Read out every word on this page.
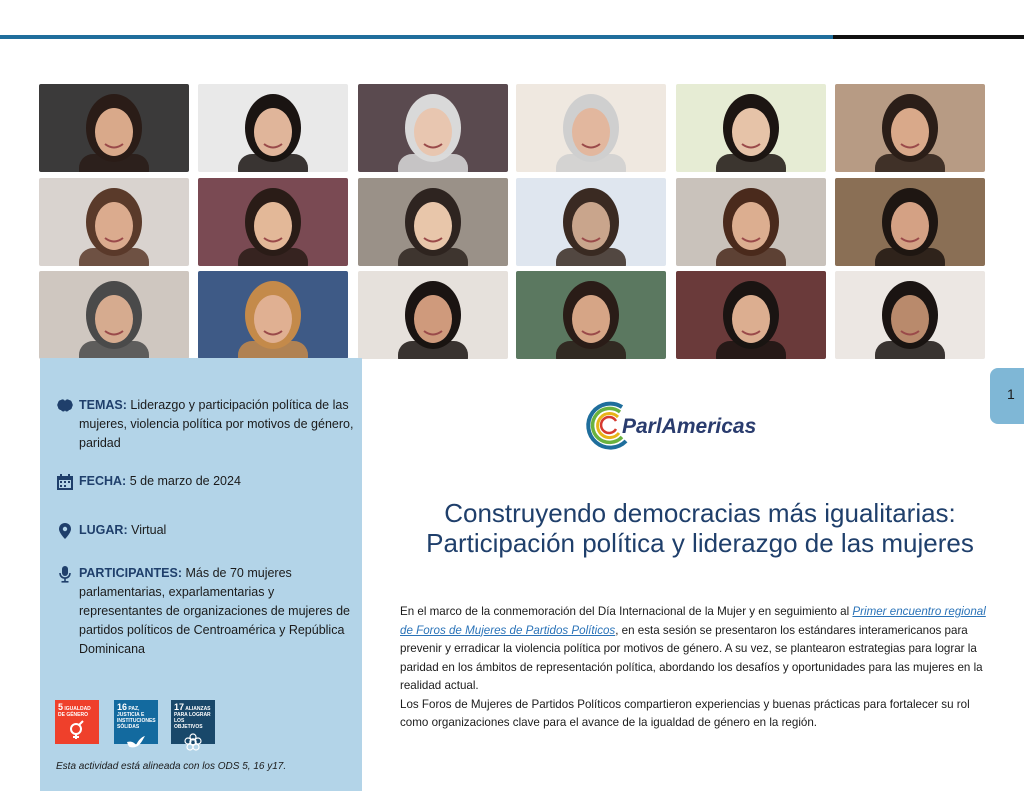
TEMAS: Liderazgo y participación política de las mujeres, violencia política por motivos de género, paridad
FECHA: 5 de marzo de 2024
LUGAR: Virtual
PARTICIPANTES: Más de 70 mujeres parlamentarias, exparlamentarias y representantes de organizaciones de mujeres de partidos políticos de Centroamérica y República Dominicana
5 IGUALDAD DE GÉNERO
16 PAZ, JUSTICIA E INSTITUCIONES SÓLIDAS
17 ALIANZAS PARA LOGRAR LOS OBJETIVOS
Esta actividad está alineada con los ODS 5, 16 y17.
1
ParlAmericas
Construyendo democracias más igualitarias:
Participación política y liderazgo de las mujeres
En el marco de la conmemoración del Día Internacional de la Mujer y en seguimiento al Primer encuentro regional de Foros de Mujeres de Partidos Políticos, en esta sesión se presentaron los estándares interamericanos para prevenir y erradicar la violencia política por motivos de género. A su vez, se plantearon estrategias para lograr la paridad en los ámbitos de representación política, abordando los desafíos y oportunidades para las mujeres en la realidad actual.
Los Foros de Mujeres de Partidos Políticos compartieron experiencias y buenas prácticas para fortalecer su rol como organizaciones clave para el avance de la igualdad de género en la región.
